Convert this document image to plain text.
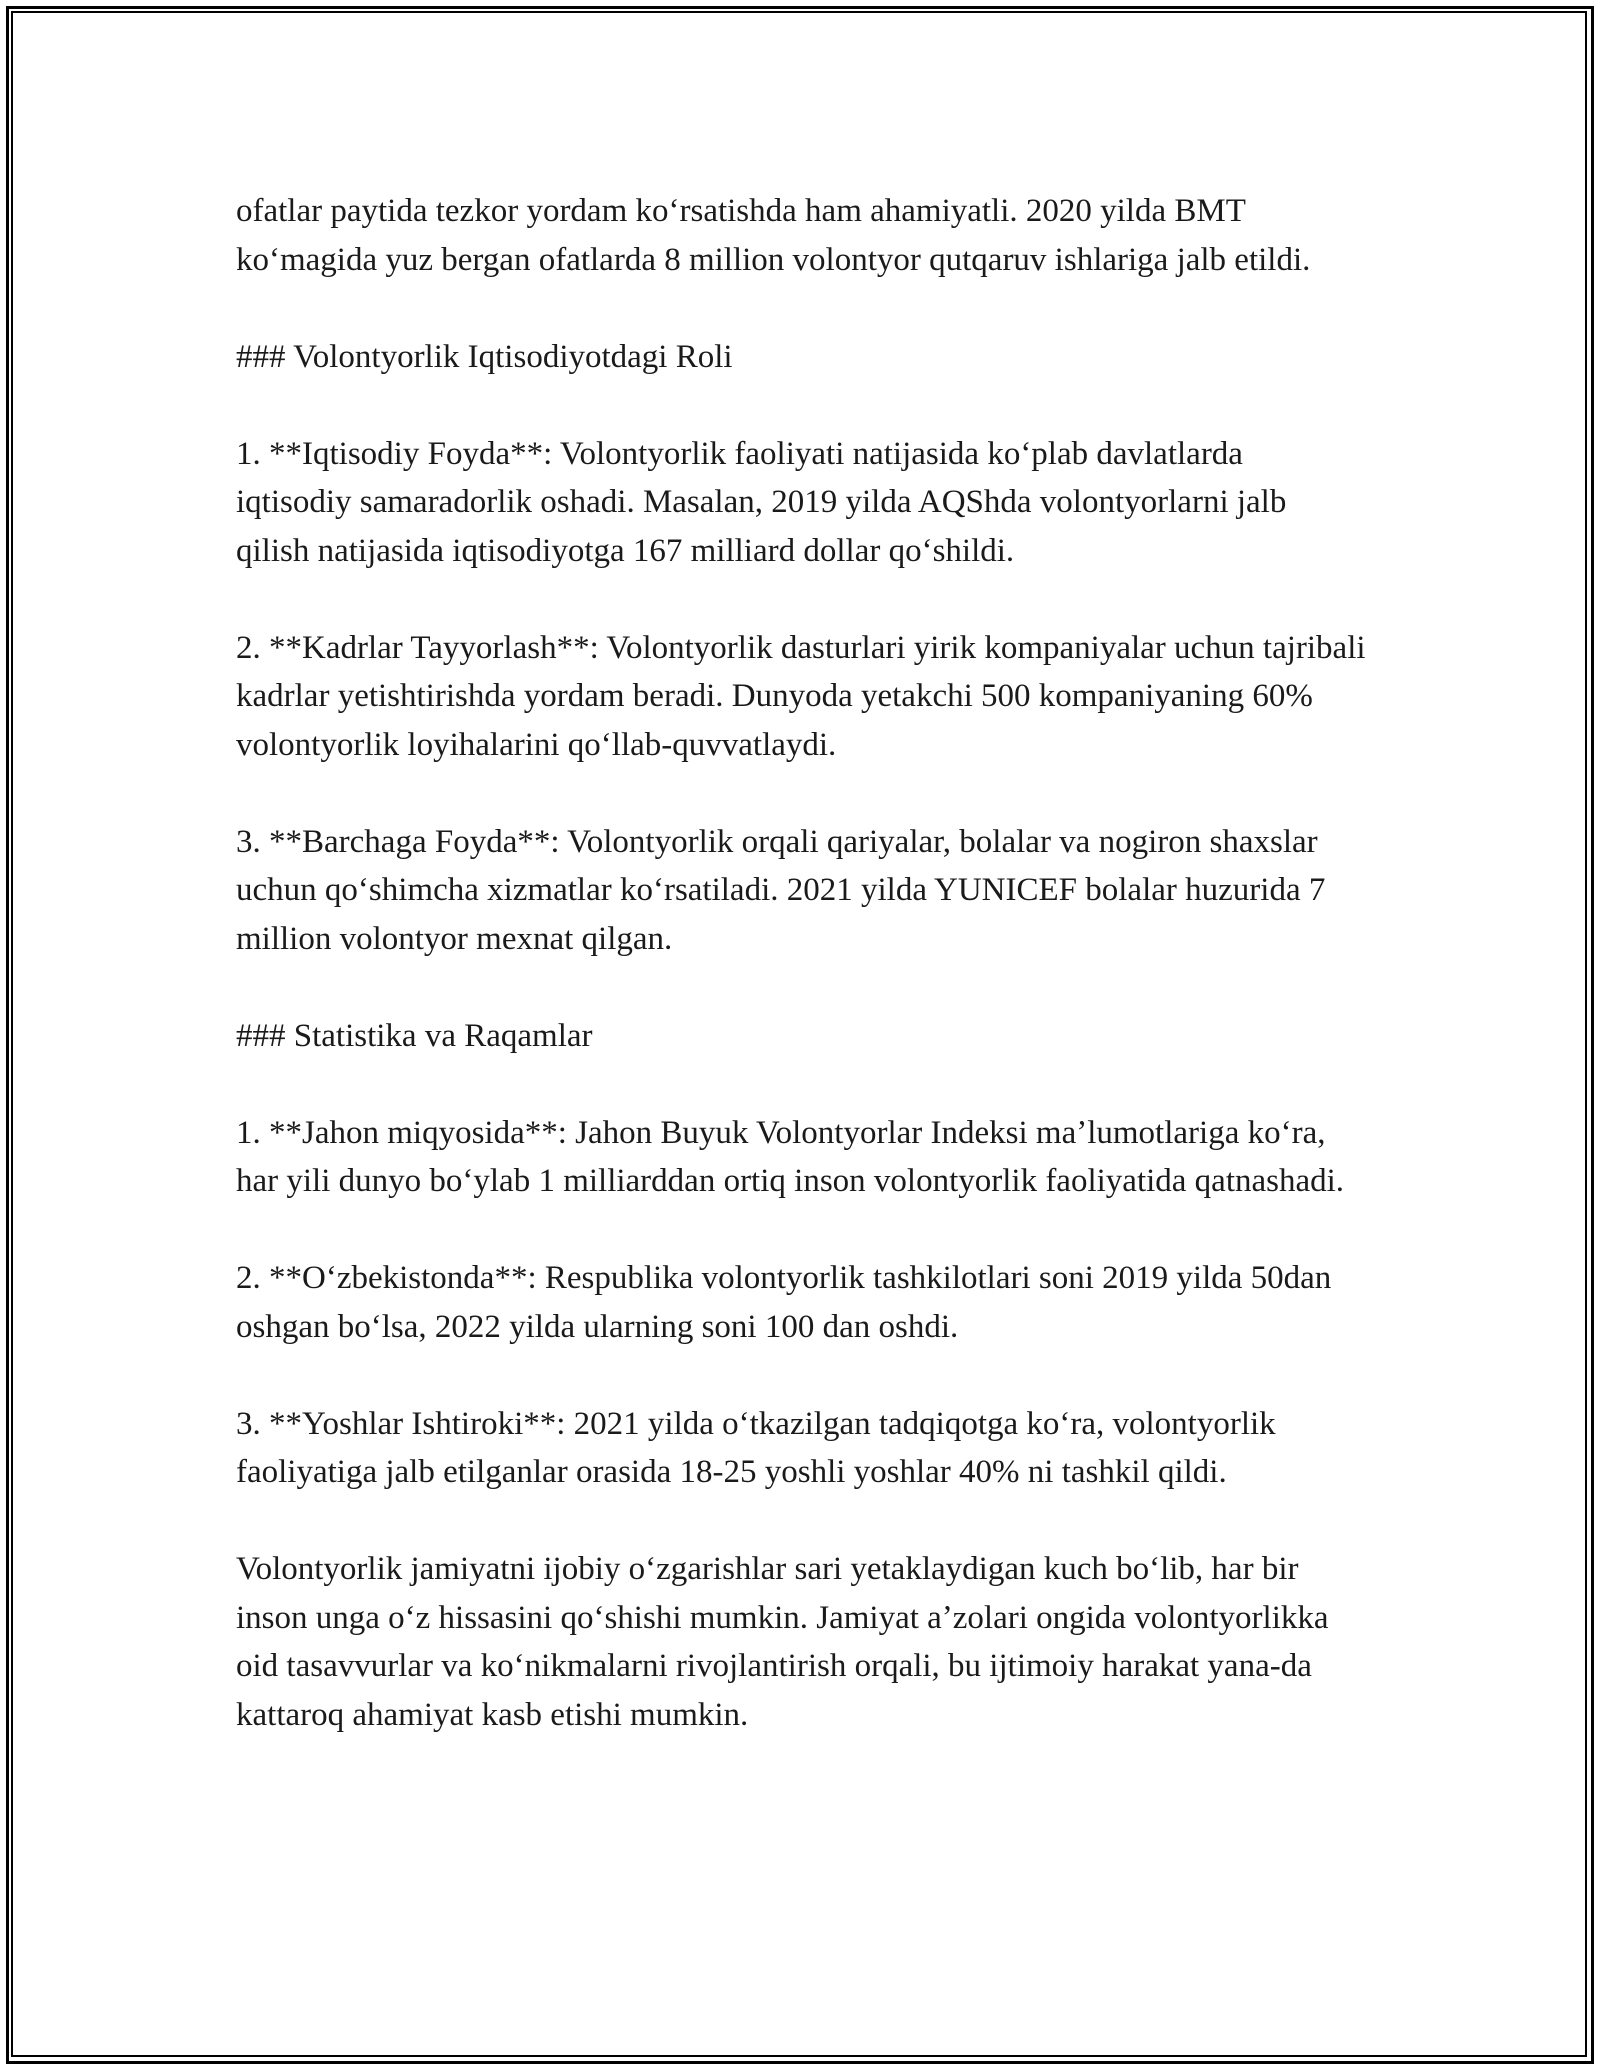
ofatlar paytida tezkor yordam koʻrsatishda ham ahamiyatli. 2020 yilda BMT koʻmagida yuz bergan ofatlarda 8 million volontyor qutqaruv ishlariga jalb etildi.

### Volontyorlik Iqtisodiyotdagi Roli

1. **Iqtisodiy Foyda**: Volontyorlik faoliyati natijasida koʻplab davlatlarda iqtisodiy samaradorlik oshadi. Masalan, 2019 yilda AQShda volontyorlarni jalb qilish natijasida iqtisodiyotga 167 milliard dollar qoʻshildi.

2. **Kadrlar Tayyorlash**: Volontyorlik dasturlari yirik kompaniyalar uchun tajribali kadrlar yetishtirishda yordam beradi. Dunyoda yetakchi 500 kompaniyaning 60% volontyorlik loyihalarini qoʻllab-quvvatlaydi.

3. **Barchaga Foyda**: Volontyorlik orqali qariyalar, bolalar va nogiron shaxslar uchun qoʻshimcha xizmatlar koʻrsatiladi. 2021 yilda YUNICEF bolalar huzurida 7 million volontyor mexnat qilgan.

### Statistika va Raqamlar

1. **Jahon miqyosida**: Jahon Buyuk Volontyorlar Indeksi maʼlumotlariga koʻra, har yili dunyo boʻylab 1 milliarddan ortiq inson volontyorlik faoliyatida qatnashadi.

2. **Oʻzbekistonda**: Respublika volontyorlik tashkilotlari soni 2019 yilda 50dan oshgan boʻlsa, 2022 yilda ularning soni 100 dan oshdi.

3. **Yoshlar Ishtiroki**: 2021 yilda oʻtkazilgan tadqiqotga koʻra, volontyorlik faoliyatiga jalb etilganlar orasida 18-25 yoshli yoshlar 40% ni tashkil qildi.

Volontyorlik jamiyatni ijobiy oʻzgarishlar sari yetaklaydigan kuch boʻlib, har bir inson unga oʻz hissasini qoʻshishi mumkin. Jamiyat aʼzolari ongida volontyorlikka oid tasavvurlar va koʻnikmalarni rivojlantirish orqali, bu ijtimoiy harakat yana-da kattaroq ahamiyat kasb etishi mumkin.
